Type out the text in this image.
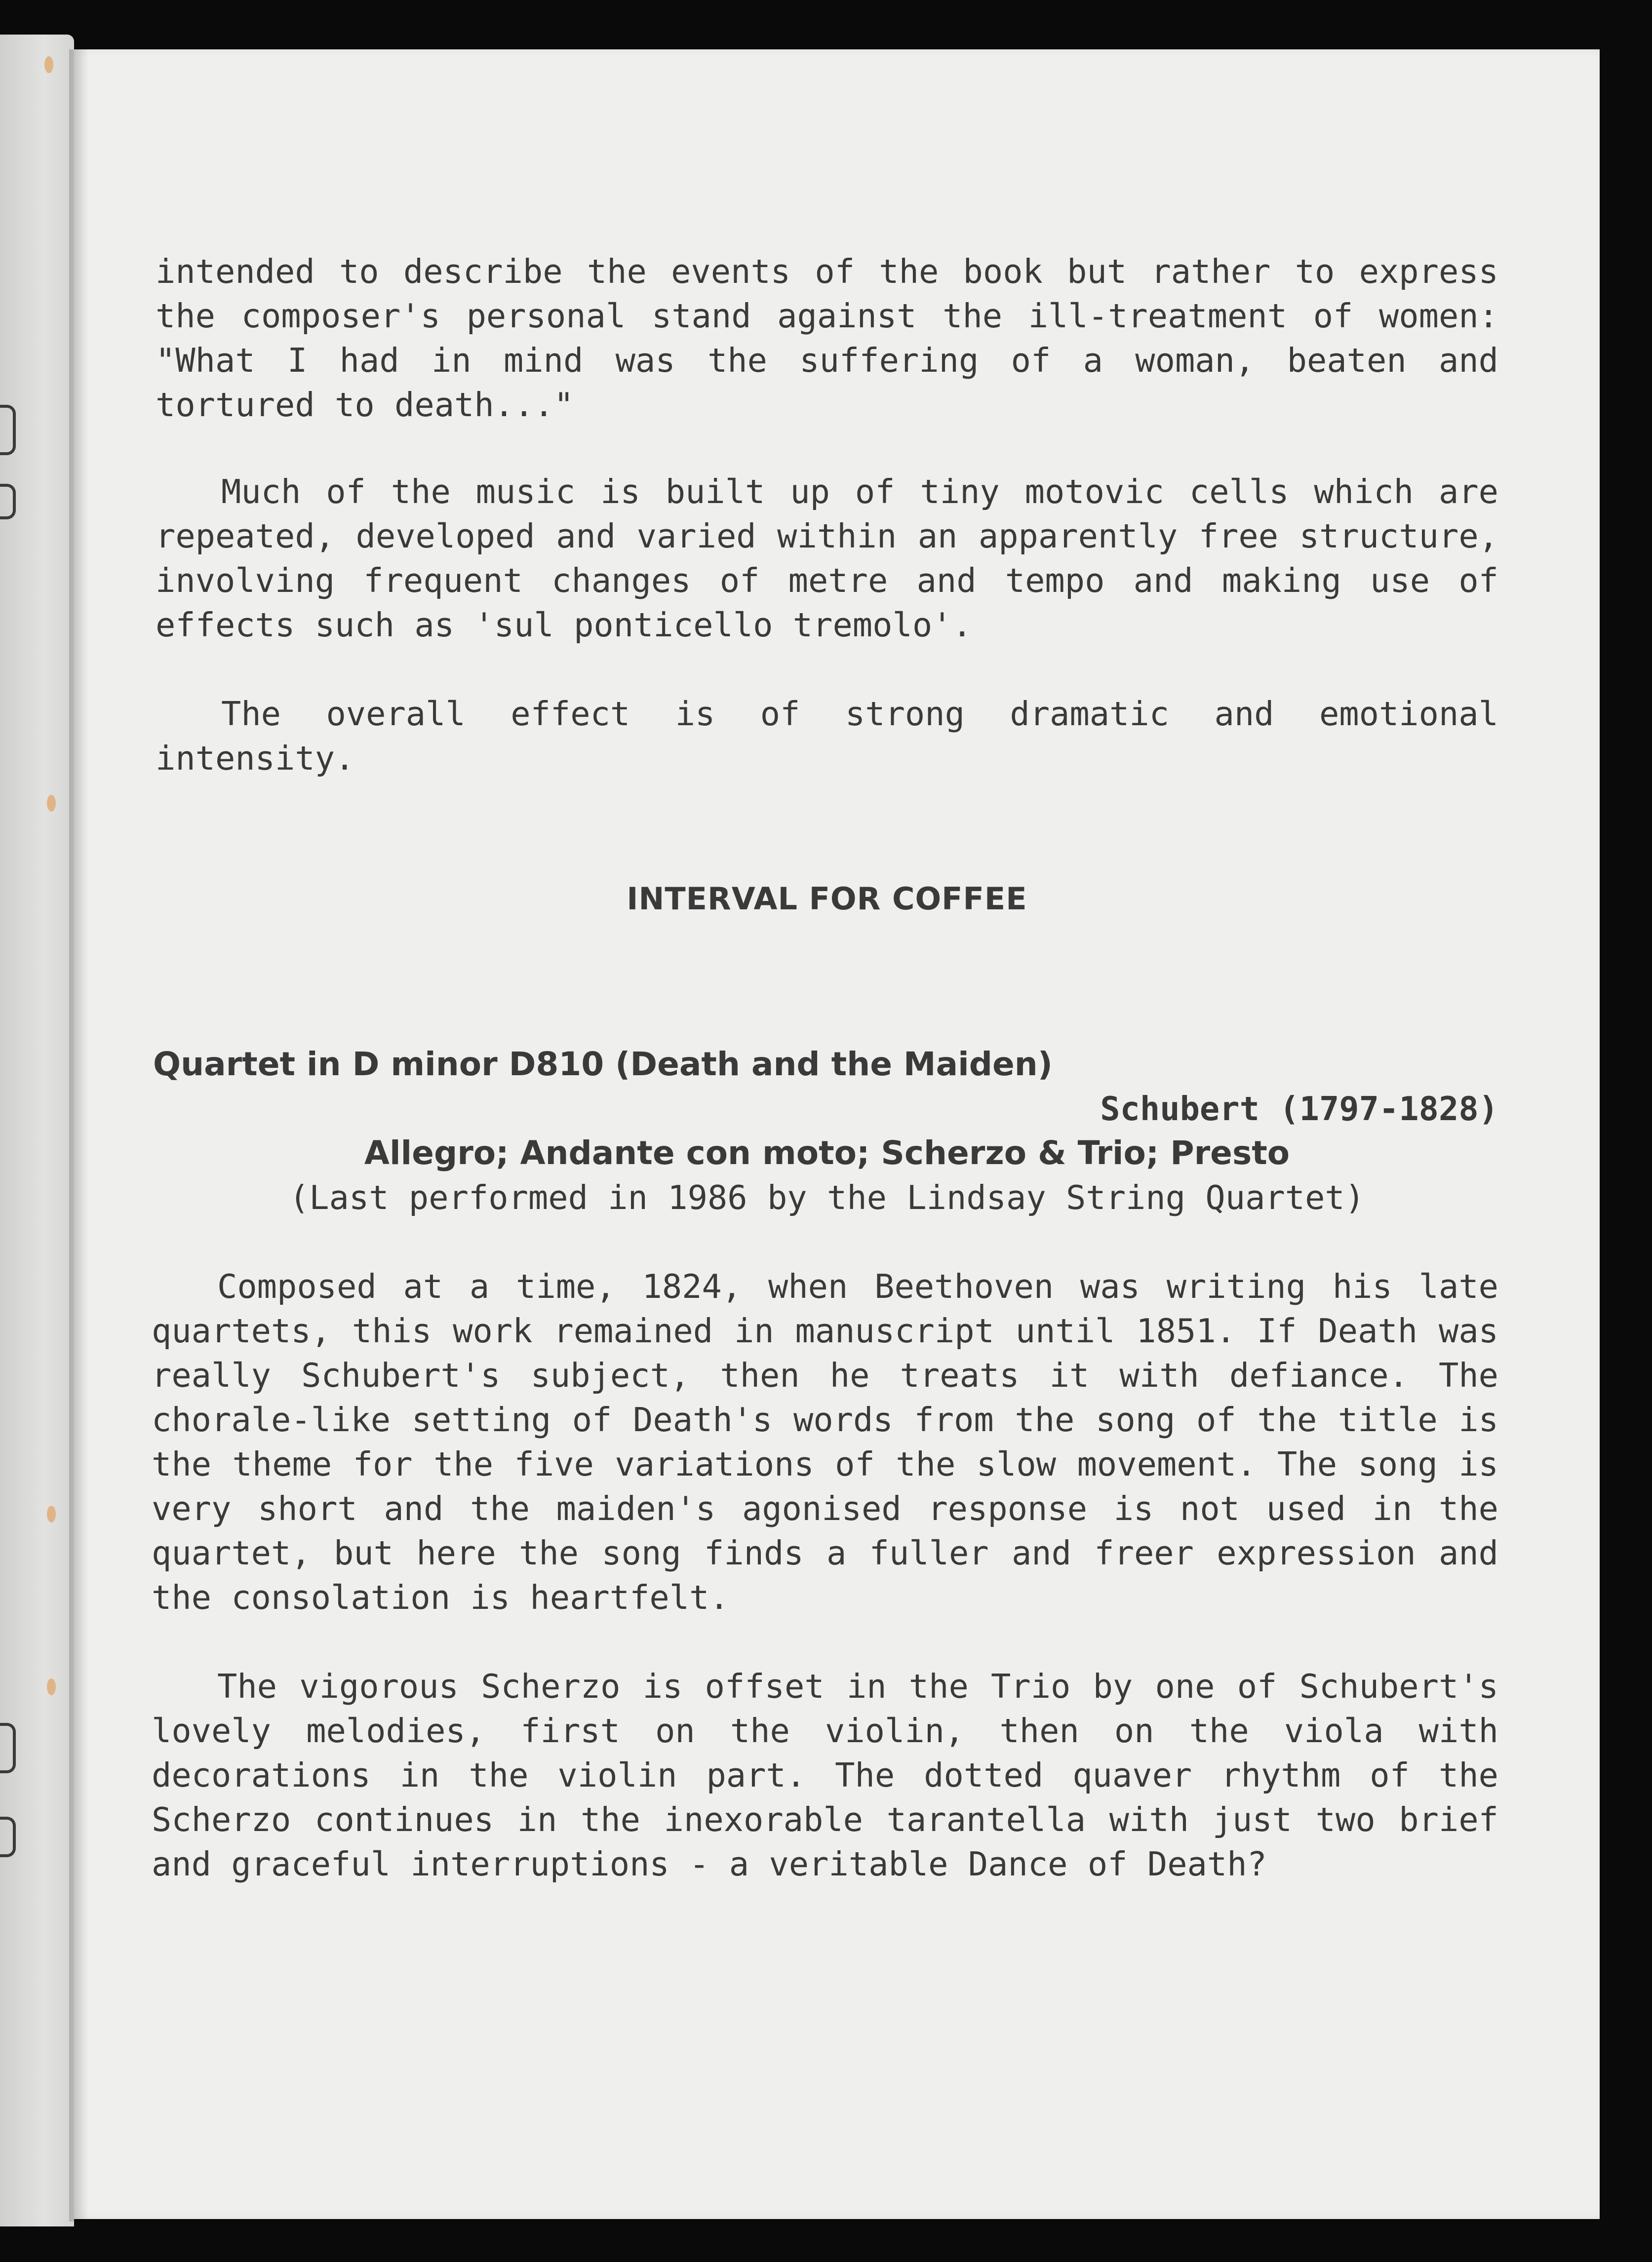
intended to describe the events of the book but rather to express the composer's personal stand against the ill-treatment of women: "What I had in mind was the suffering of a woman, beaten and tortured to death..."

Much of the music is built up of tiny motovic cells which are repeated, developed and varied within an apparently free structure, involving frequent changes of metre and tempo and making use of effects such as 'sul ponticello tremolo'.

The overall effect is of strong dramatic and emotional intensity.

INTERVAL FOR COFFEE

Quartet in D minor D810 (Death and the Maiden)

Schubert (1797-1828)

Allegro; Andante con moto; Scherzo & Trio; Presto

(Last performed in 1986 by the Lindsay String Quartet)

Composed at a time, 1824, when Beethoven was writing his late quartets, this work remained in manuscript until 1851. If Death was really Schubert's subject, then he treats it with defiance. The chorale-like setting of Death's words from the song of the title is the theme for the five variations of the slow movement. The song is very short and the maiden's agonised response is not used in the quartet, but here the song finds a fuller and freer expression and the consolation is heartfelt.

The vigorous Scherzo is offset in the Trio by one of Schubert's lovely melodies, first on the violin, then on the viola with decorations in the violin part. The dotted quaver rhythm of the Scherzo continues in the inexorable tarantella with just two brief and graceful interruptions - a veritable Dance of Death?
